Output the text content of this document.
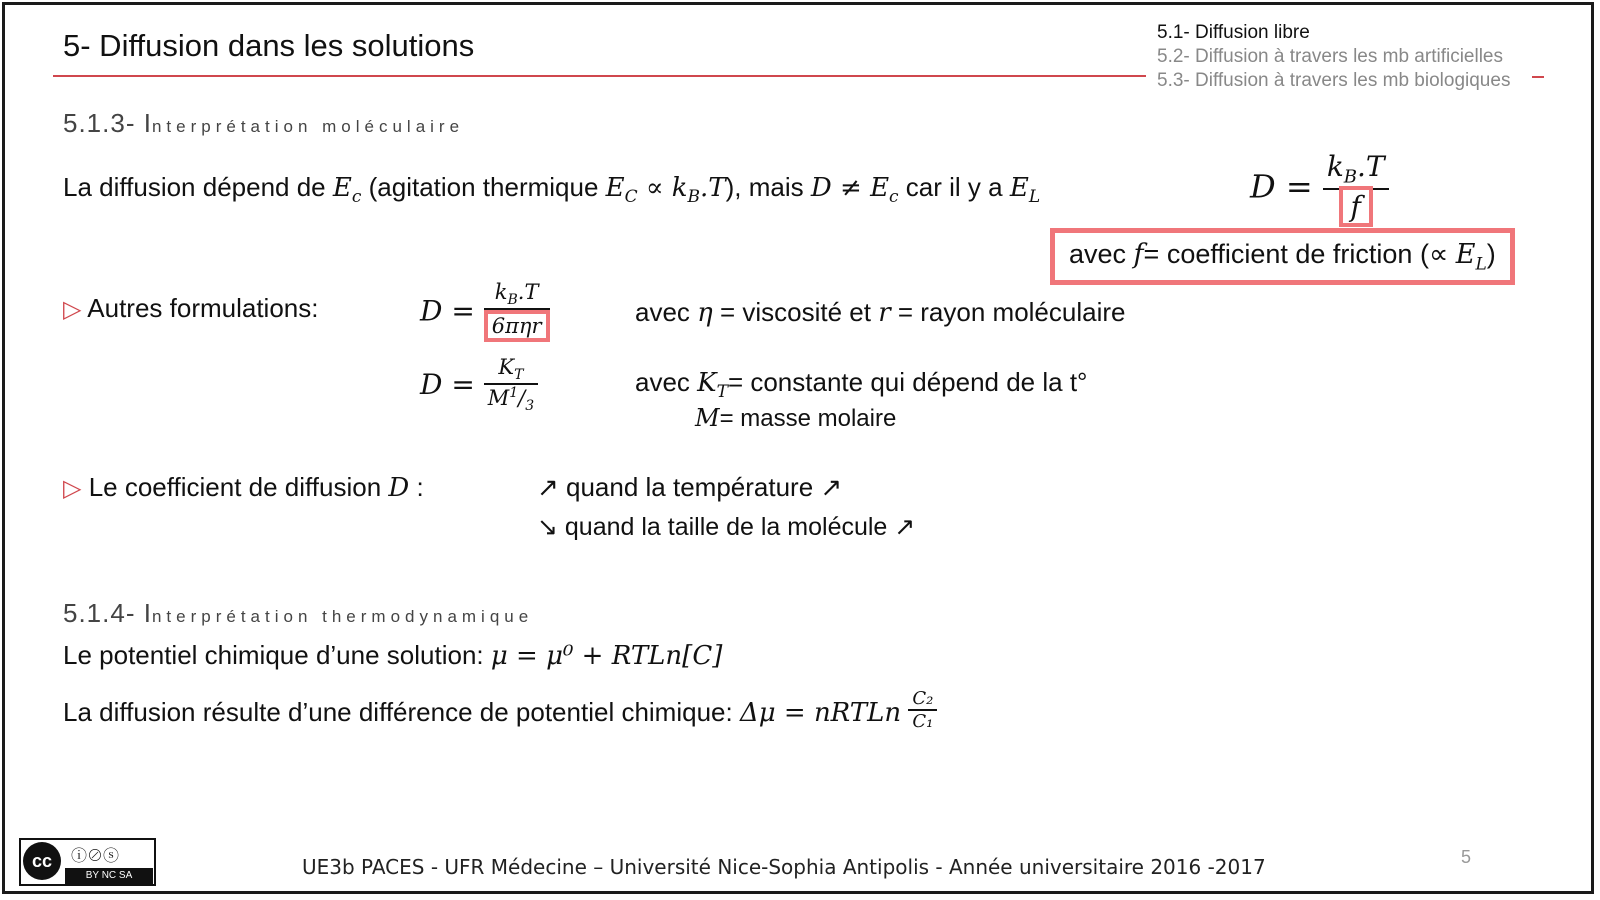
5- Diffusion dans les solutions	5.1- Diffusion libre
5.2- Diffusion à travers les mb artificielles
5.3- Diffusion à travers les mb biologiques
5.1.3- Interprétation moléculaire
La diffusion dépend de $E_c$ (agitation thermique $E_C \propto k_B.T$), mais $D \ne E_c$ car il y a $E_L$	$D = \frac{k_B.T}{f}$
avec f= coefficient de friction (∝ $E_L$)
▷ Autres formulations:	$D = \frac{k_B.T}{\text{6πηr}}$	avec η = viscosité et r = rayon moléculaire
$D = \frac{K_T}{M^1/_3}$	avec $K_T=$ constante qui dépend de la t°
M= masse molaire
▷ Le coefficient de diffusion D :	↗ quand la température ↗
↘ quand la taille de la molécule ↗
5.1.4- Interprétation thermodynamique
Le potentiel chimique d’une solution: μ = μ⁰ + RTLn[C]
La diffusion résulte d’une différence de potentiel chimique: Δμ = nRTLn $\frac{\text{C₂}}{\text{C₁}}$
cc ⓘ⊘ⓢ
BY NC SA	UE3b PACES - UFR Médecine – Université Nice-Sophia Antipolis - Année universitaire 2016 -2017	5
